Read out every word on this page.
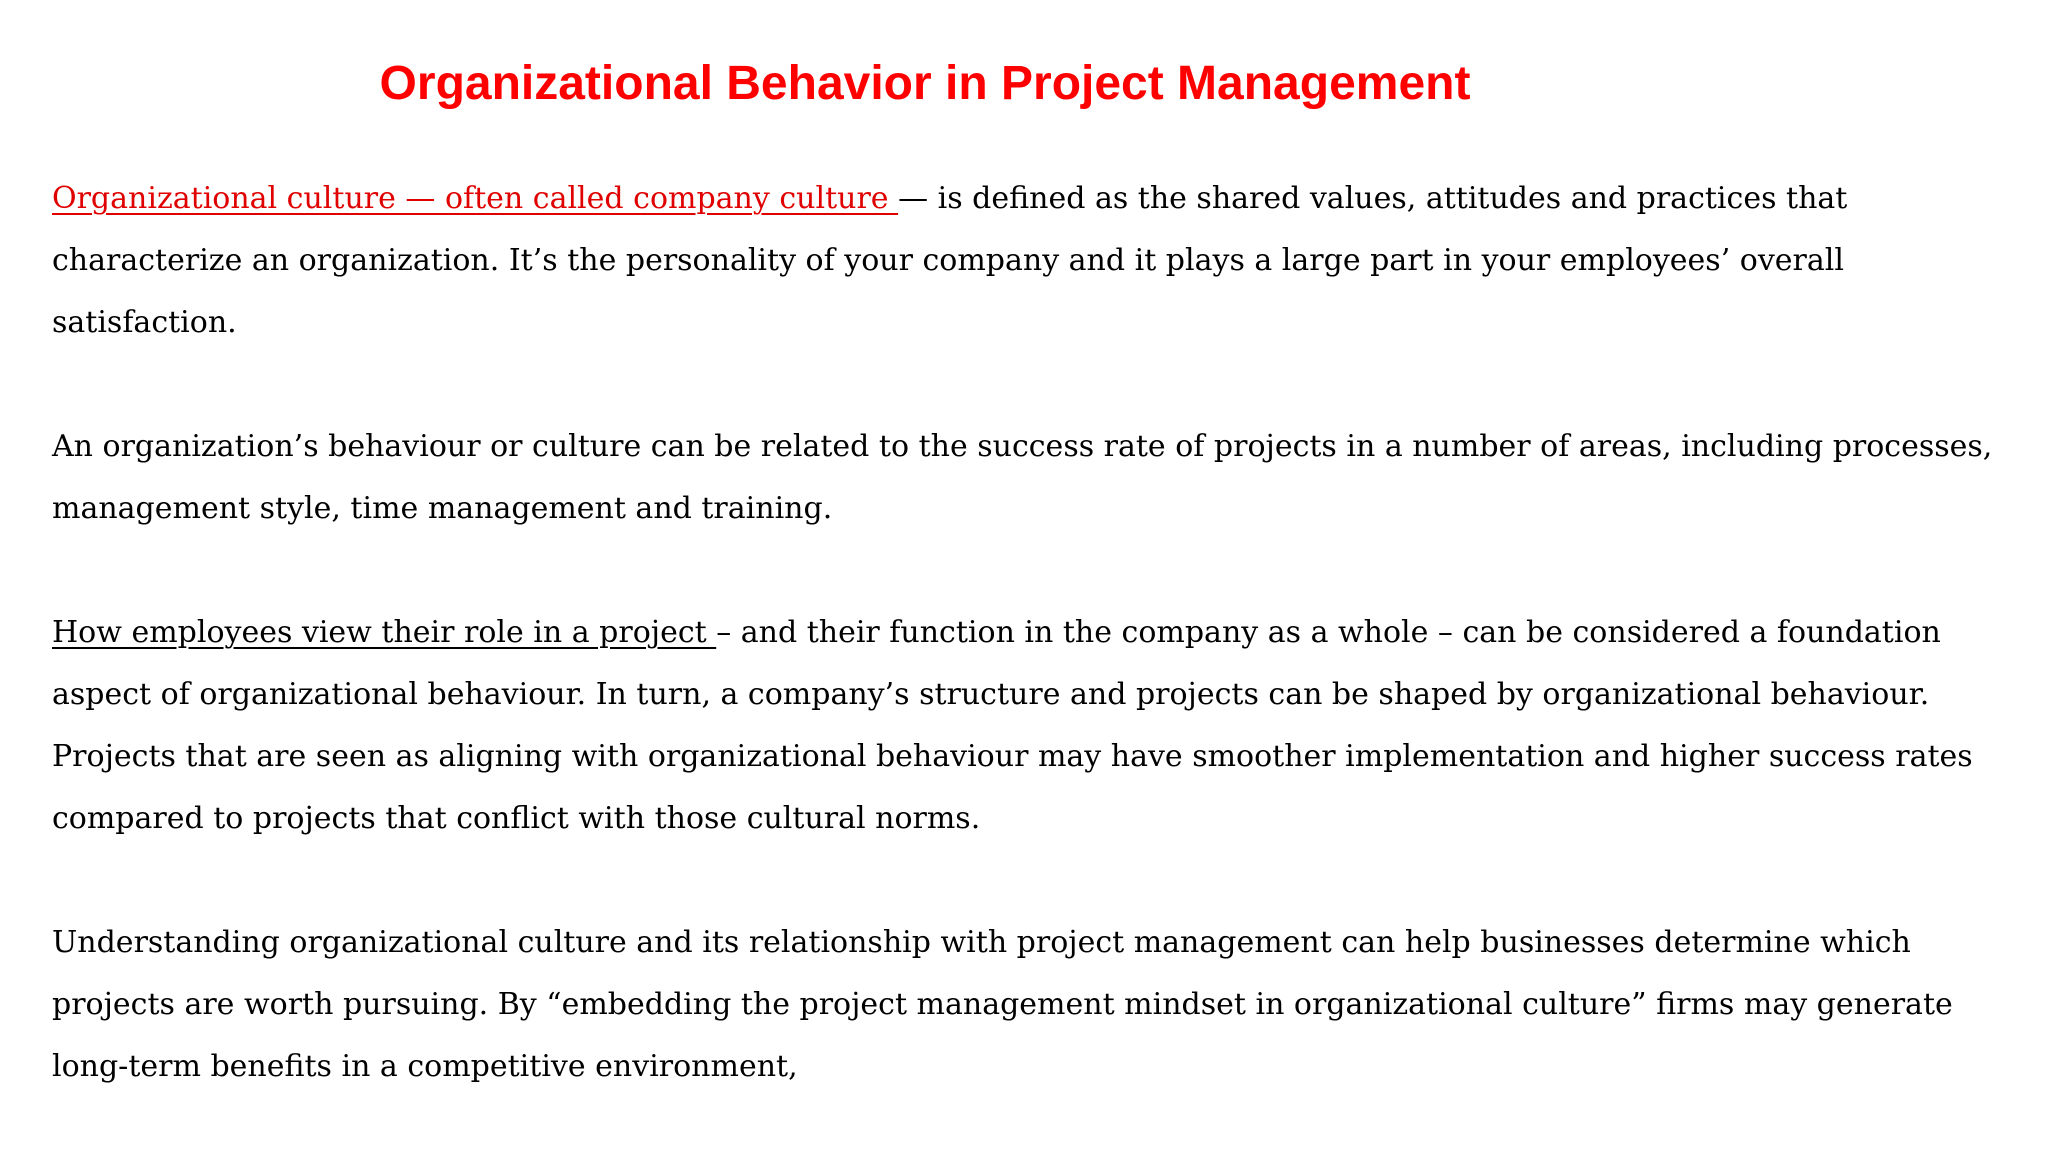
Organizational Behavior in Project Management

Organizational culture — often called company culture — is defined as the shared values, attitudes and practices that characterize an organization. It’s the personality of your company and it plays a large part in your employees’ overall satisfaction.

An organization’s behaviour or culture can be related to the success rate of projects in a number of areas, including processes, management style, time management and training.

How employees view their role in a project – and their function in the company as a whole – can be considered a foundation aspect of organizational behaviour. In turn, a company’s structure and projects can be shaped by organizational behaviour. Projects that are seen as aligning with organizational behaviour may have smoother implementation and higher success rates compared to projects that conflict with those cultural norms.

Understanding organizational culture and its relationship with project management can help businesses determine which projects are worth pursuing. By “embedding the project management mindset in organizational culture” firms may generate long-term benefits in a competitive environment,
